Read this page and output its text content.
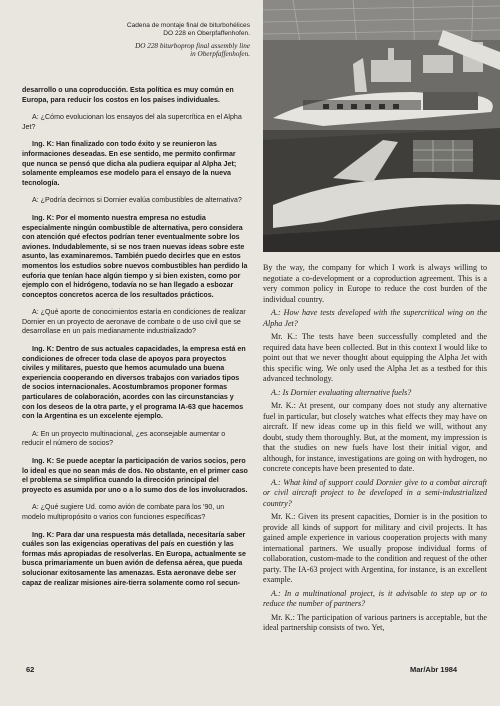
Cadena de montaje final de biturbohélices
DO 228 en Oberpfaffenhofen.
DO 228 biturboprop final assembly line
in Oberpfaffenhofen.

desarrollo o una coproducción. Esta política es muy común en Europa, para reducir los costos en los países individuales.

A: ¿Cómo evolucionan los ensayos del ala supercrítica en el Alpha Jet?

Ing. K: Han finalizado con todo éxito y se reunieron las informaciones deseadas. En ese sentido, me permito confirmar que nunca se pensó que dicha ala pudiera equipar al Alpha Jet; solamente empleamos ese modelo para el ensayo de la nueva tecnología.

A: ¿Podría decirnos si Dornier evalúa combustibles de alternativa?

Ing. K: Por el momento nuestra empresa no estudia especialmente ningún combustible de alternativa, pero considera con atención qué efectos podrían tener eventualmente sobre los aviones. Indudablemente, si se nos traen nuevas ideas sobre este asunto, las examinaremos. También puedo decirles que en estos momentos los estudios sobre nuevos combustibles han perdido la euforia que tenían hace algún tiempo y si bien existen, como por ejemplo con el hidrógeno, todavía no se han llegado a esbozar conceptos concretos acerca de los resultados prácticos.

A: ¿Qué aporte de conocimientos estaría en condiciones de realizar Dornier en un proyecto de aeronave de combate o de uso civil que se desarrollase en un país medianamente industrializado?

Ing. K: Dentro de sus actuales capacidades, la empresa está en condiciones de ofrecer toda clase de apoyos para proyectos civiles y militares, puesto que hemos acumulado una buena experiencia cooperando en diversos trabajos con variados tipos de socios internacionales. Acostumbramos proponer formas particulares de colaboración, acordes con las circunstancias y con los deseos de la otra parte, y el programa IA-63 que hacemos con la Argentina es un excelente ejemplo.

A: En un proyecto multinacional, ¿es aconsejable aumentar o reducir el número de socios?

Ing. K: Se puede aceptar la participación de varios socios, pero lo ideal es que no sean más de dos. No obstante, en el primer caso el problema se simplifica cuando la dirección principal del proyecto es asumida por uno o a lo sumo dos de los involucrados.

A: ¿Qué sugiere Ud. como avión de combate para los '90, un modelo multipropósito o varios con funciones específicas?

Ing. K: Para dar una respuesta más detallada, necesitaría saber cuáles son las exigencias operativas del país en cuestión y las formas más apropiadas de resolverlas. En Europa, actualmente se busca primariamente un buen avión de defensa aérea, que pueda solucionar exitosamente las amenazas. Esta aeronave debe ser capaz de realizar misiones aire-tierra solamente como rol secun-

By the way, the company for which I work is always willing to negotiate a co-development or a coproduction agreement. This is a very common policy in Europe to reduce the cost burden of the individual country.

A.: How have tests developed with the supercritical wing on the Alpha Jet?

Mr. K.: The tests have been successfully completed and the required data have been collected. But in this context I would like to point out that we never thought about equipping the Alpha Jet with this specific wing. We only used the Alpha Jet as a testbed for this advanced technology.

A.: Is Dornier evaluating alternative fuels?

Mr. K.: At present, our company does not study any alternative fuel in particular, but closely watches what effects they may have on aircraft. If new ideas come up in this field we will, without any doubt, study them thoroughly. But, at the moment, my impression is that the studies on new fuels have lost their initial vigor, and although, for instance, investigations are going on with hydrogen, no concrete concepts have been presented to date.

A.: What kind of support could Dornier give to a combat aircraft or civil aircraft project to be developed in a semi-industrialized country?

Mr. K.: Given its present capacities, Dornier is in the position to provide all kinds of support for military and civil projects. It has gained ample experience in various cooperation projects with many international partners. We usually propose individual forms of collaboration, custom-made to the condition and request of the other party. The IA-63 project with Argentina, for instance, is an excellent example.

A.: In a multinational project, is it advisable to step up or to reduce the number of partners?

Mr. K.: The participation of various partners is acceptable, but the ideal partnership consists of two. Yet,

62	Mar/Abr 1984
